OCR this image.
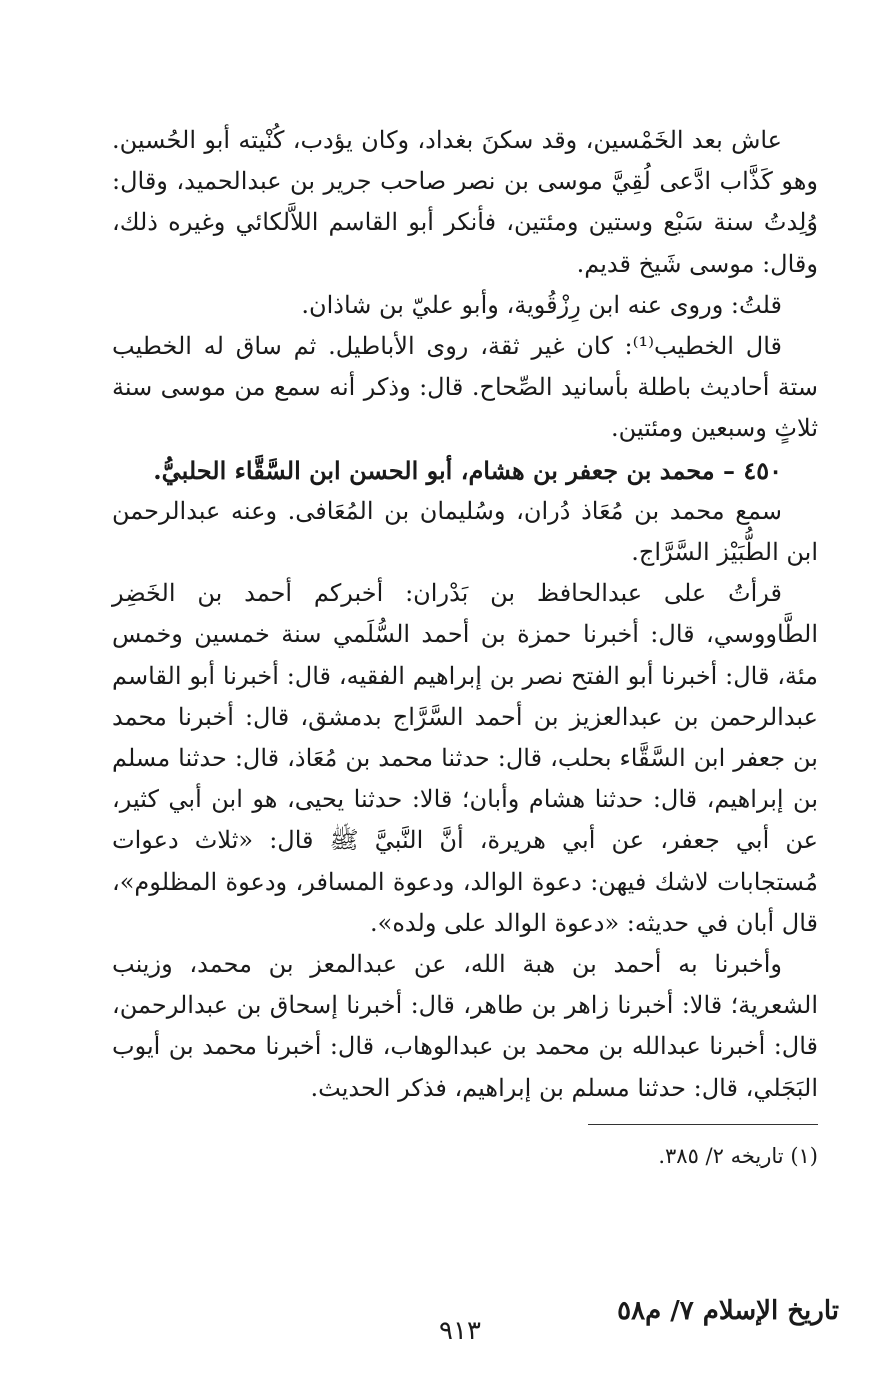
عاش بعد الخَمْسين، وقد سكنَ بغداد، وكان يؤدب، كُنْيته أبو الحُسين. وهو كَذَّاب ادَّعى لُقِيَّ موسى بن نصر صاحب جرير بن عبدالحميد، وقال: وُلِدتُ سنة سَبْع وستين ومئتين، فأنكر أبو القاسم اللاَّلكائي وغيره ذلك، وقال: موسى شَيخ قديم.

قلتُ: وروى عنه ابن رِزْقُوية، وأبو عليّ بن شاذان.

قال الخطيب⁽¹⁾: كان غير ثقة، روى الأباطيل. ثم ساق له الخطيب ستة أحاديث باطلة بأسانيد الصِّحاح. قال: وذكر أنه سمع من موسى سنة ثلاثٍ وسبعين ومئتين.

٤٥٠ – محمد بن جعفر بن هشام، أبو الحسن ابن السَّقَّاء الحلبيُّ.

سمع محمد بن مُعَاذ دُران، وسُليمان بن المُعَافى. وعنه عبدالرحمن ابن الطُّبَيْز السَّرَّاج.

قرأتُ على عبدالحافظ بن بَدْران: أخبركم أحمد بن الخَضِر الطَّاووسي، قال: أخبرنا حمزة بن أحمد السُّلَمي سنة خمسين وخمس مئة، قال: أخبرنا أبو الفتح نصر بن إبراهيم الفقيه، قال: أخبرنا أبو القاسم عبدالرحمن بن عبدالعزيز بن أحمد السَّرَّاج بدمشق، قال: أخبرنا محمد بن جعفر ابن السَّقَّاء بحلب، قال: حدثنا محمد بن مُعَاذ، قال: حدثنا مسلم بن إبراهيم، قال: حدثنا هشام وأبان؛ قالا: حدثنا يحيى، هو ابن أبي كثير، عن أبي جعفر، عن أبي هريرة، أنَّ النَّبيَّ ﷺ قال: «ثلاث دعوات مُستجابات لاشك فيهن: دعوة الوالد، ودعوة المسافر، ودعوة المظلوم»، قال أبان في حديثه: «دعوة الوالد على ولده».

وأخبرنا به أحمد بن هبة الله، عن عبدالمعز بن محمد، وزينب الشعرية؛ قالا: أخبرنا زاهر بن طاهر، قال: أخبرنا إسحاق بن عبدالرحمن، قال: أخبرنا عبدالله بن محمد بن عبدالوهاب، قال: أخبرنا محمد بن أيوب البَجَلي، قال: حدثنا مسلم بن إبراهيم، فذكر الحديث.

(١) تاريخه ٢/ ٣٨٥.
تاريخ الإسلام ٧/ م٥٨
٩١٣
